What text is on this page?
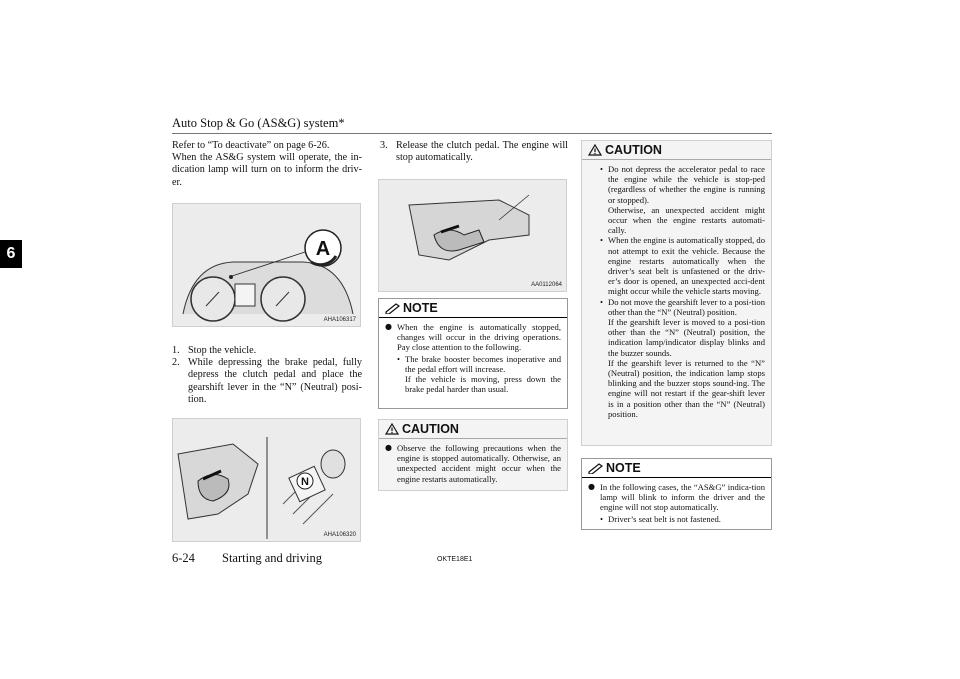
Auto Stop & Go (AS&G) system*
6
Refer to “To deactivate” on page 6-26.
When the AS&G system will operate, the in-dication lamp will turn on to inform the driv-er.
A
AHA106317
1. Stop the vehicle.
2. While depressing the brake pedal, fully depress the clutch pedal and place the gearshift lever in the “N” (Neutral) posi-tion.
N
AHA106320
3. Release the clutch pedal. The engine will stop automatically.
AA0112064
NOTE
● When the engine is automatically stopped, changes will occur in the driving operations. Pay close attention to the following.
• The brake booster becomes inoperative and the pedal effort will increase.
If the vehicle is moving, press down the brake pedal harder than usual.
CAUTION
● Observe the following precautions when the engine is stopped automatically. Otherwise, an unexpected accident might occur when the engine restarts automatically.
CAUTION
• Do not depress the accelerator pedal to race the engine while the vehicle is stop-ped (regardless of whether the engine is running or stopped).
Otherwise, an unexpected accident might occur when the engine restarts automati-cally.
• When the engine is automatically stopped, do not attempt to exit the vehicle. Because the engine restarts automatically when the driver’s seat belt is unfastened or the driv-er’s door is opened, an unexpected acci-dent might occur while the vehicle starts moving.
• Do not move the gearshift lever to a posi-tion other than the “N” (Neutral) position.
If the gearshift lever is moved to a posi-tion other than the “N” (Neutral) position, the indication lamp/indicator display blinks and the buzzer sounds.
If the gearshift lever is returned to the “N” (Neutral) position, the indication lamp stops blinking and the buzzer stops sound-ing. The engine will not restart if the gear-shift lever is in a position other than the “N” (Neutral) position.
NOTE
● In the following cases, the “AS&G” indica-tion lamp will blink to inform the driver and the engine will not stop automatically.
• Driver’s seat belt is not fastened.
6-24 Starting and driving	OKTE18E1
